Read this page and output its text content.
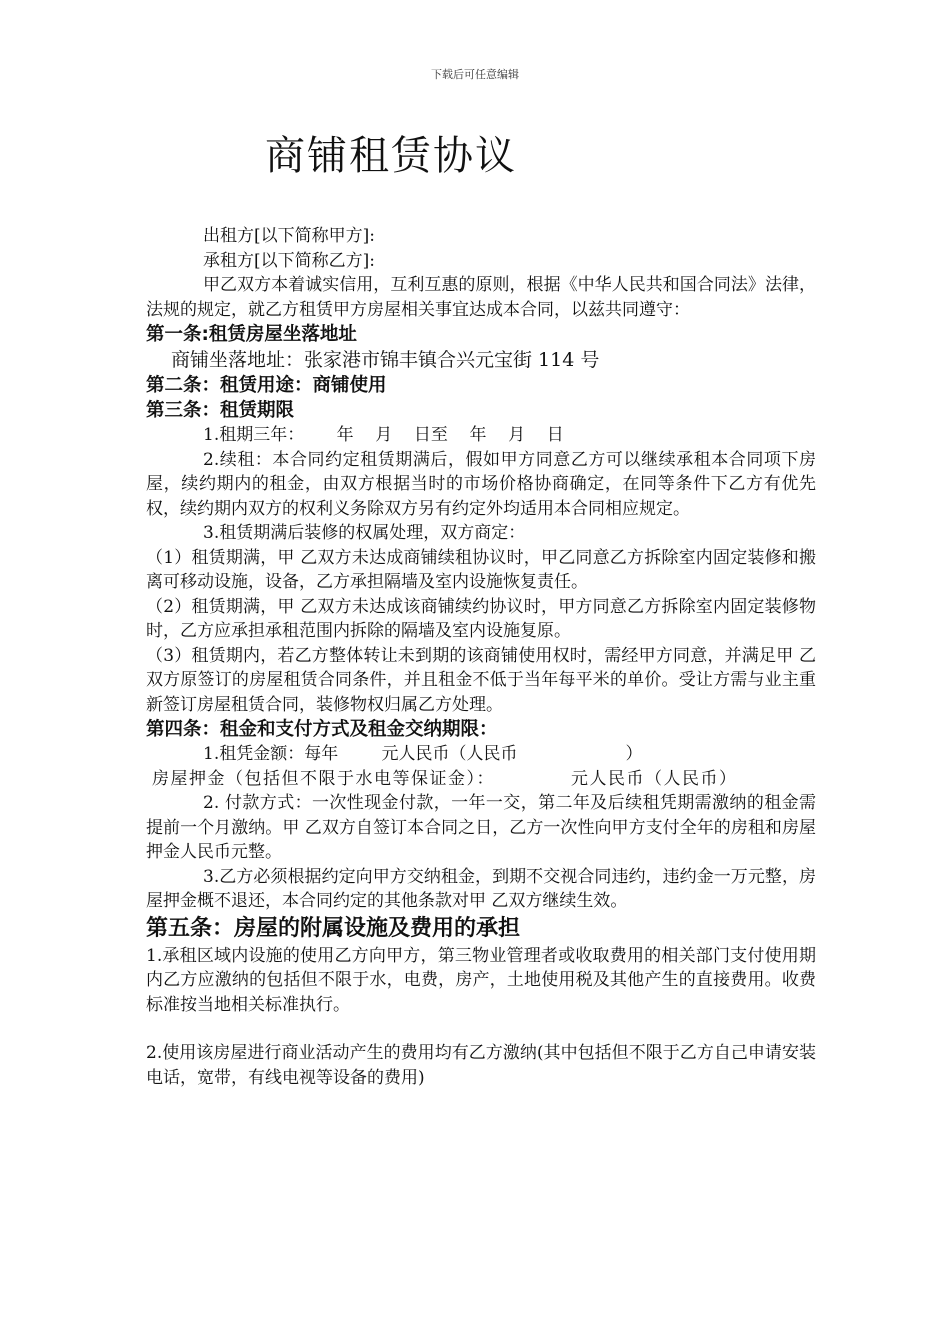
下载后可任意编辑
商铺租赁协议

出租方[以下简称甲方]:

承租方[以下简称乙方]:

甲乙双方本着诚实信用，互利互惠的原则，根据《中华人民共和国合同法》法律，法规的规定，就乙方租赁甲方房屋相关事宜达成本合同，以兹共同遵守：

第一条:租赁房屋坐落地址

商铺坐落地址：张家港市锦丰镇合兴元宝街 114 号

第二条：租赁用途：商铺使用

第三条：租赁期限

1.租期三年：      年    月    日至    年    月    日

2.续租：本合同约定租赁期满后，假如甲方同意乙方可以继续承租本合同项下房屋，续约期内的租金，由双方根据当时的市场价格协商确定，在同等条件下乙方有优先权，续约期内双方的权利义务除双方另有约定外均适用本合同相应规定。

3.租赁期满后装修的权属处理，双方商定：

（1）租赁期满，甲 乙双方未达成商铺续租协议时，甲乙同意乙方拆除室内固定装修和搬离可移动设施，设备，乙方承担隔墙及室内设施恢复责任。

（2）租赁期满，甲 乙双方未达成该商铺续约协议时，甲方同意乙方拆除室内固定装修物时，乙方应承担承租范围内拆除的隔墙及室内设施复原。

（3）租赁期内，若乙方整体转让未到期的该商铺使用权时，需经甲方同意，并满足甲 乙双方原签订的房屋租赁合同条件，并且租金不低于当年每平米的单价。受让方需与业主重新签订房屋租赁合同，装修物权归属乙方处理。

第四条：租金和支付方式及租金交纳期限：

1.租凭金额：每年        元人民币（人民币                    ）

房屋押金（包括但不限于水电等保证金）：           元人民币（人民币）

2. 付款方式：一次性现金付款，一年一交，第二年及后续租凭期需激纳的租金需提前一个月激纳。甲 乙双方自签订本合同之日，乙方一次性向甲方支付全年的房租和房屋押金人民币元整。

3.乙方必须根据约定向甲方交纳租金，到期不交视合同违约，违约金一万元整，房屋押金概不退还，本合同约定的其他条款对甲 乙双方继续生效。

第五条：房屋的附属设施及费用的承担

1.承租区域内设施的使用乙方向甲方，第三物业管理者或收取费用的相关部门支付使用期内乙方应激纳的包括但不限于水，电费，房产，土地使用税及其他产生的直接费用。收费标准按当地相关标准执行。

2.使用该房屋进行商业活动产生的费用均有乙方激纳(其中包括但不限于乙方自己申请安装电话，宽带，有线电视等设备的费用)
